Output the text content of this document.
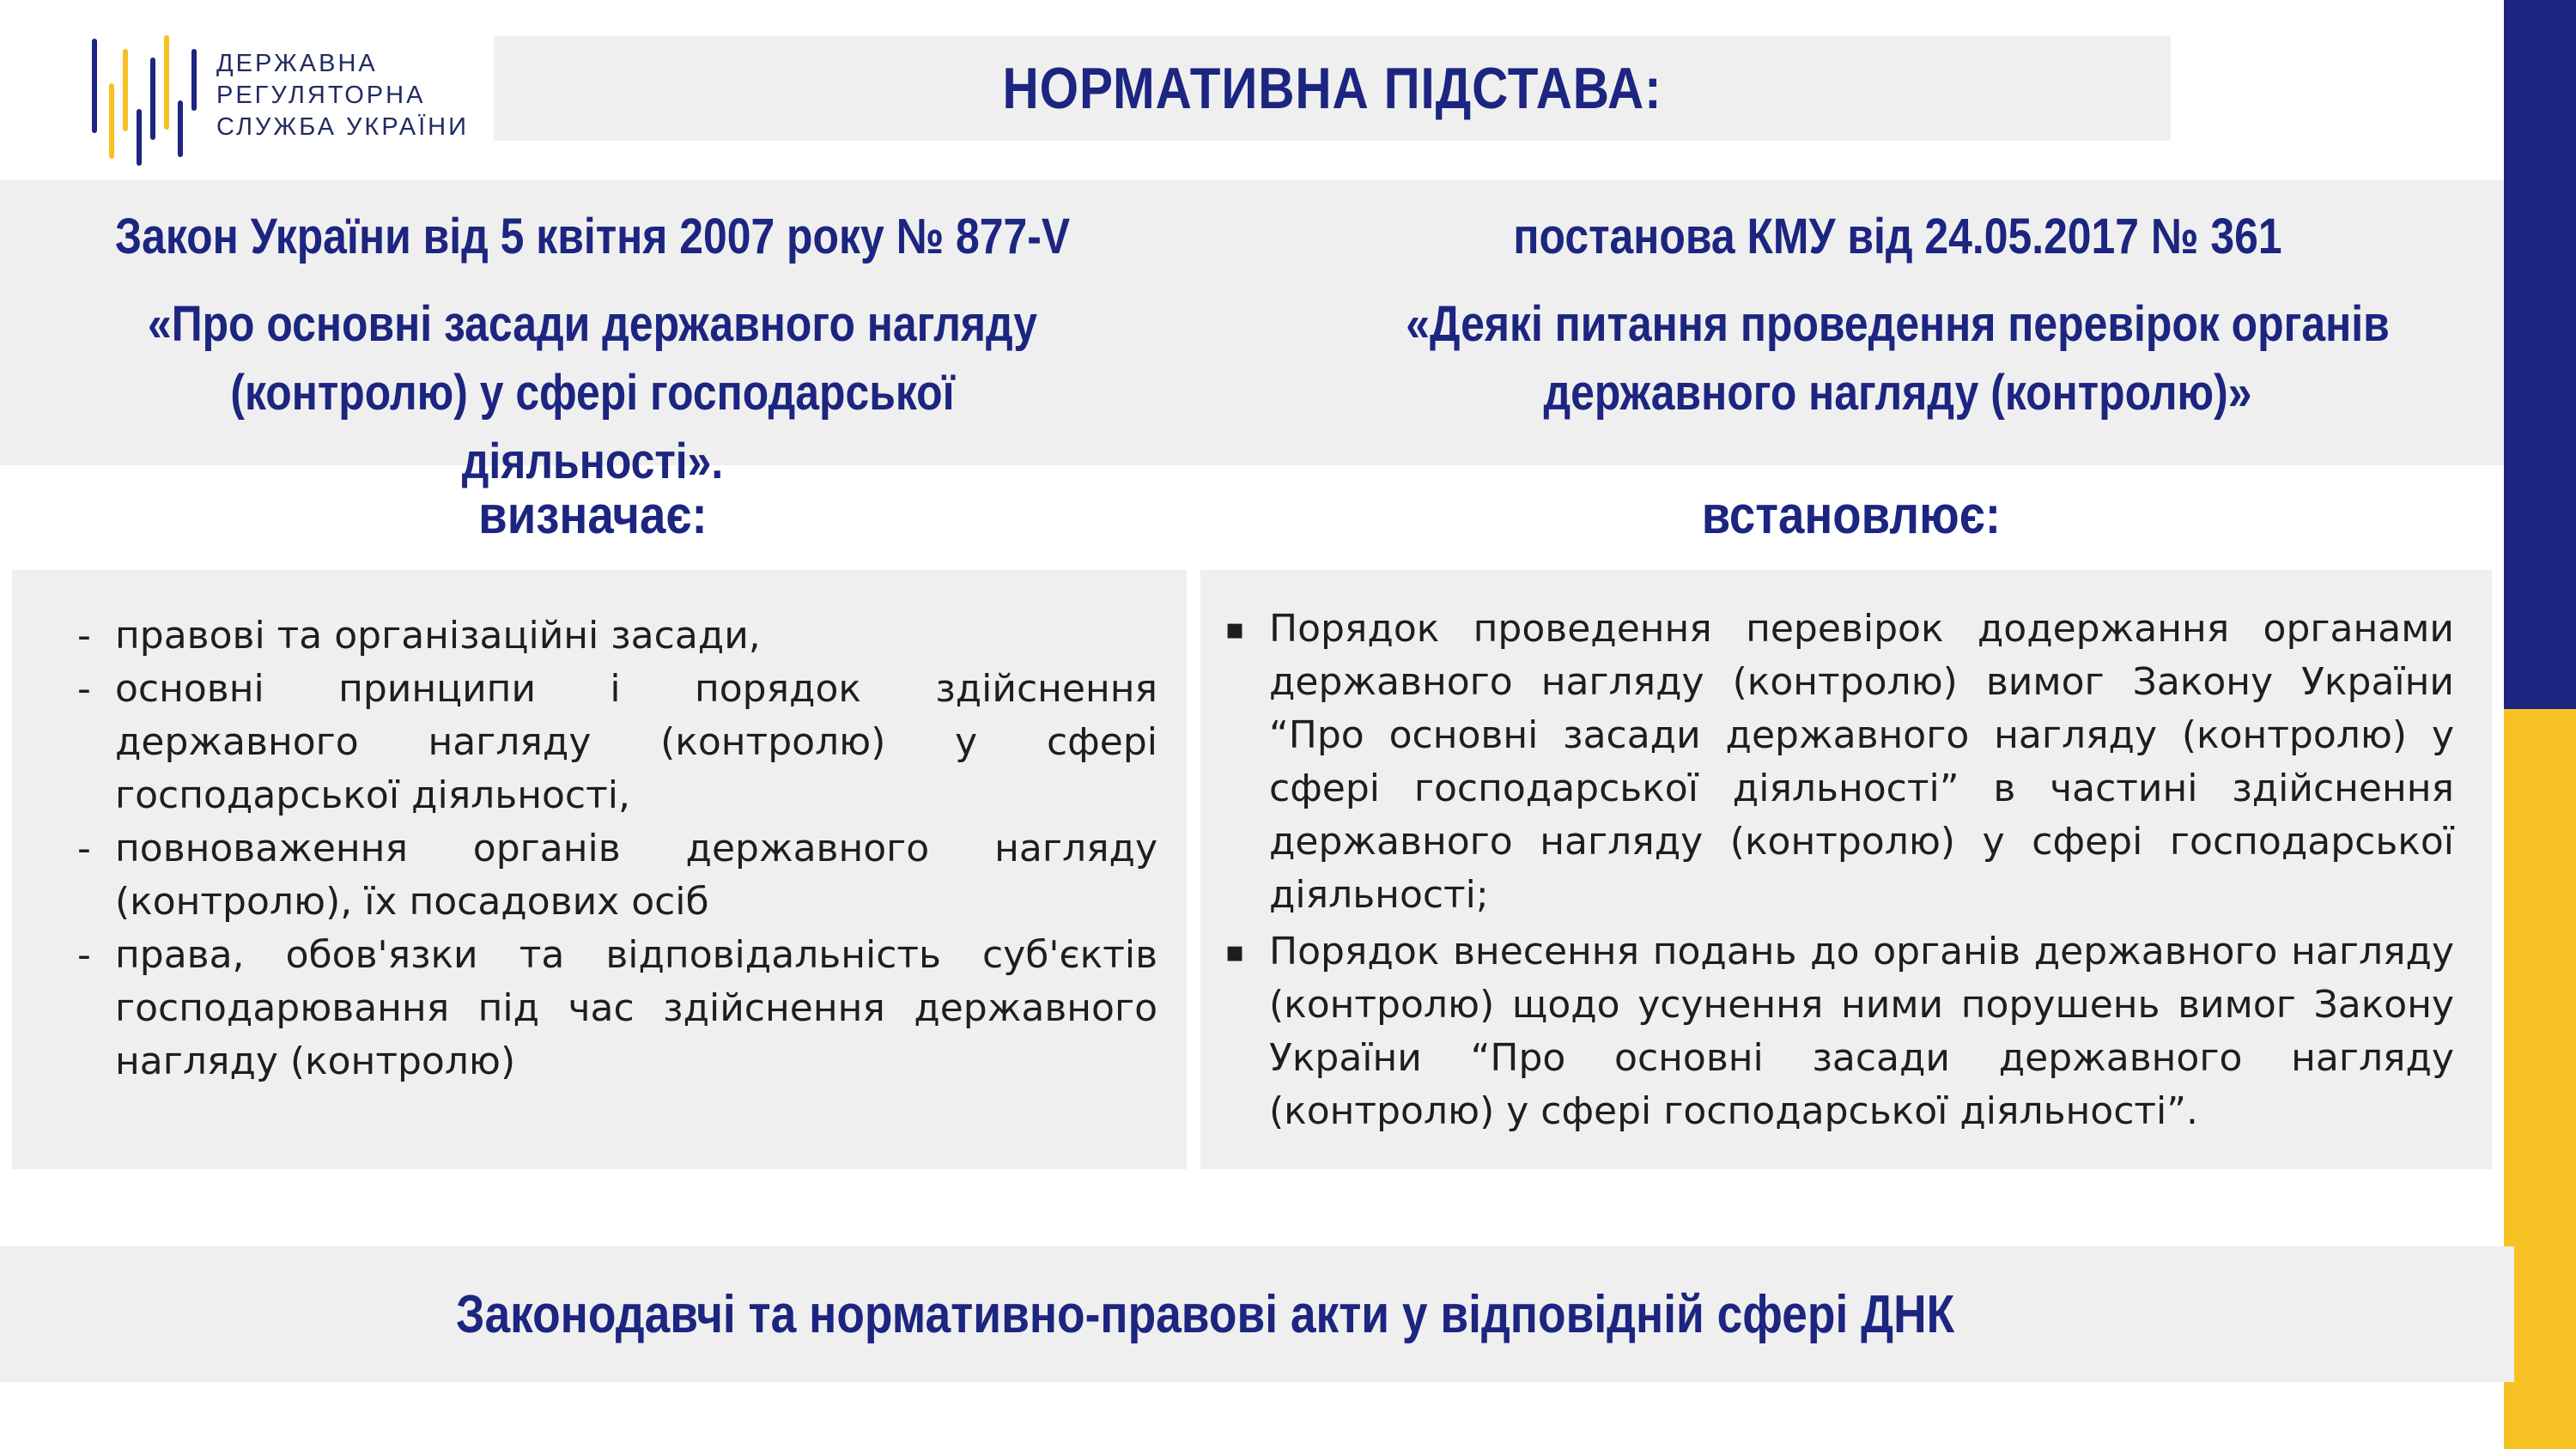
ДЕРЖАВНА
РЕГУЛЯТОРНА
СЛУЖБА УКРАЇНИ
НОРМАТИВНА ПІДСТАВА:
Закон України від 5 квітня 2007 року № 877-V
«Про основні засади державного нагляду (контролю) у сфері господарської діяльності».
постанова КМУ від 24.05.2017 № 361
«Деякі питання проведення перевірок органів державного нагляду (контролю)»
визначає:	встановлює:
- правові та організаційні засади,
- основні принципи і порядок здійснення державного нагляду (контролю) у сфері господарської діяльності,
- повноваження органів державного нагляду (контролю), їх посадових осіб
- права, обов'язки та відповідальність суб'єктів господарювання під час здійснення державного нагляду (контролю)
▪ Порядок проведення перевірок додержання органами державного нагляду (контролю) вимог Закону України “Про основні засади державного нагляду (контролю) у сфері господарської діяльності” в частині здійснення державного нагляду (контролю) у сфері господарської діяльності;
▪ Порядок внесення подань до органів державного нагляду (контролю) щодо усунення ними порушень вимог Закону України “Про основні засади державного нагляду (контролю) у сфері господарської діяльності”.
Законодавчі та нормативно-правові акти у відповідній сфері ДНК
